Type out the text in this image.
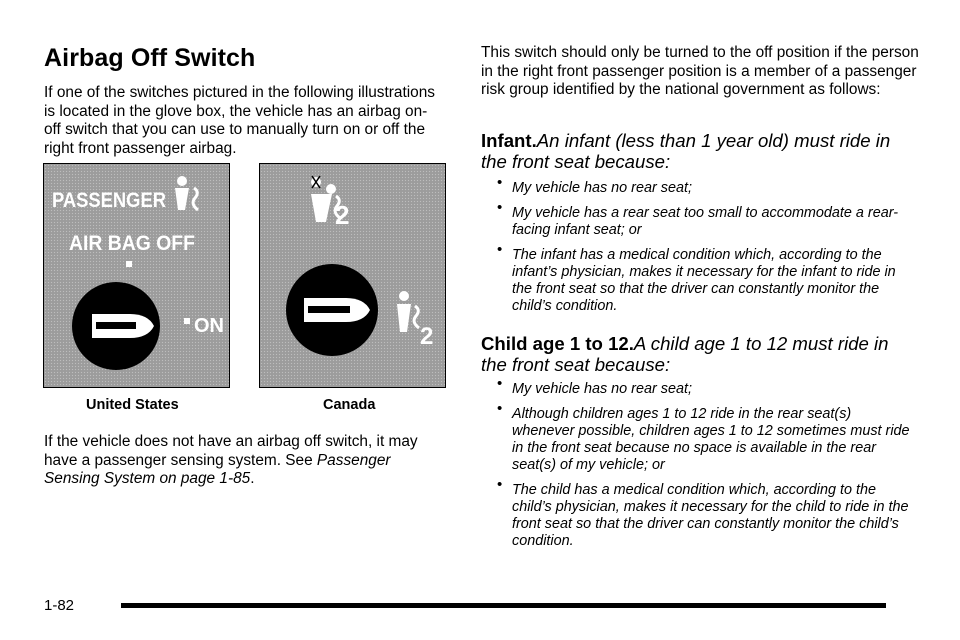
Airbag Off Switch

If one of the switches pictured in the following illustrations is located in the glove box, the vehicle has an airbag on-off switch that you can use to manually turn on or off the right front passenger airbag.

PASSENGER
AIR BAG OFF
ON
2
2
United States	Canada

If the vehicle does not have an airbag off switch, it may have a passenger sensing system. See Passenger Sensing System on page 1-85.

This switch should only be turned to the off position if the person in the right front passenger position is a member of a passenger risk group identified by the national government as follows:

Infant.An infant (less than 1 year old) must ride in the front seat because:

• My vehicle has no rear seat;
• My vehicle has a rear seat too small to accommodate a rear-facing infant seat; or
• The infant has a medical condition which, according to the infant’s physician, makes it necessary for the infant to ride in the front seat so that the driver can constantly monitor the child’s condition.

Child age 1 to 12.A child age 1 to 12 must ride in the front seat because:

• My vehicle has no rear seat;
• Although children ages 1 to 12 ride in the rear seat(s) whenever possible, children ages 1 to 12 sometimes must ride in the front seat because no space is available in the rear seat(s) of my vehicle; or
• The child has a medical condition which, according to the child’s physician, makes it necessary for the child to ride in the front seat so that the driver can constantly monitor the child’s condition.
1-82
